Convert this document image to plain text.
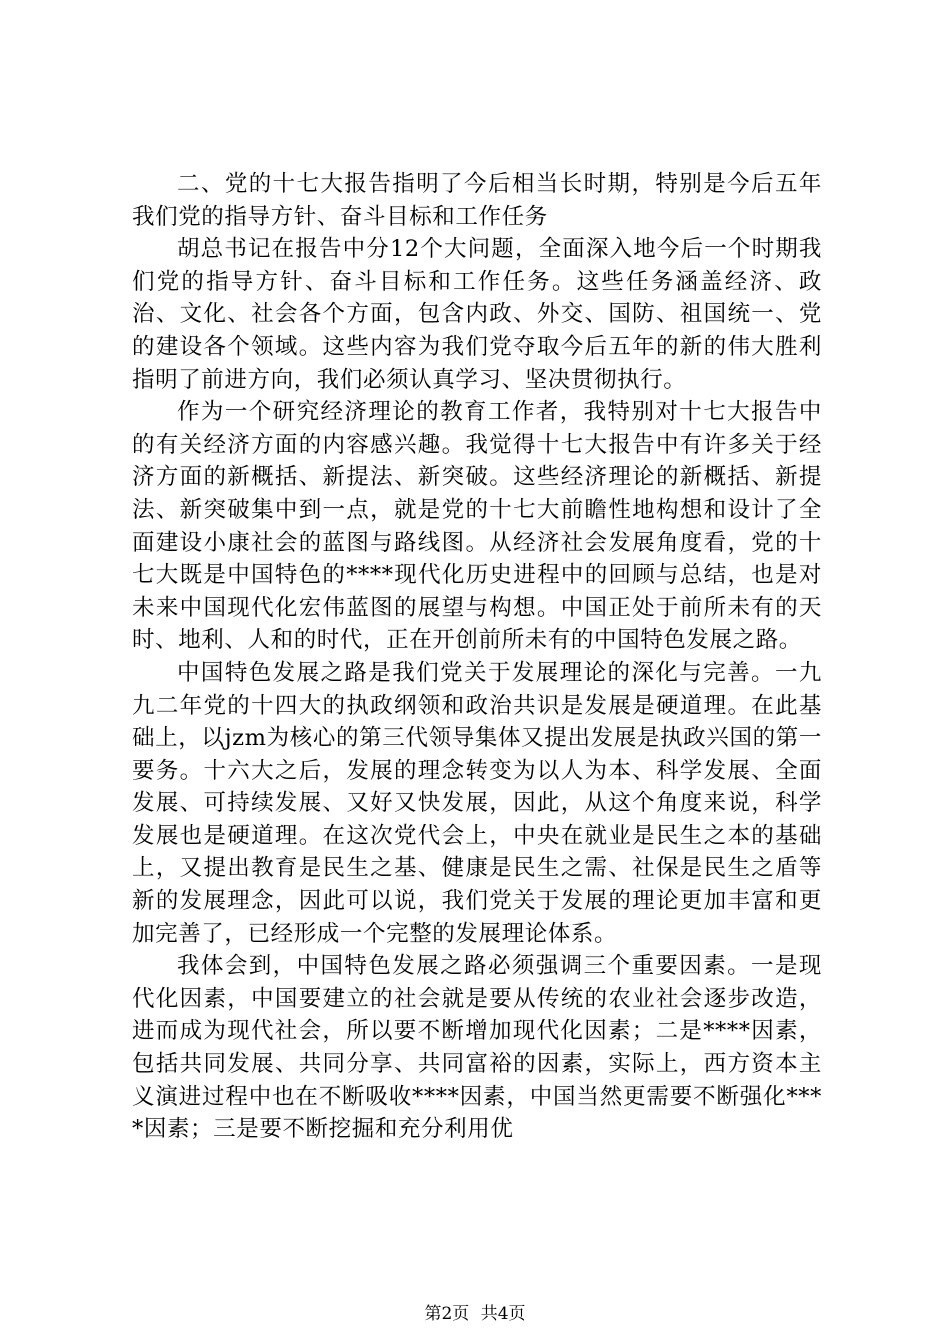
二、党的十七大报告指明了今后相当长时期，特别是今后五年我们党的指导方针、奋斗目标和工作任务

胡总书记在报告中分12个大问题，全面深入地今后一个时期我们党的指导方针、奋斗目标和工作任务。这些任务涵盖经济、政治、文化、社会各个方面，包含内政、外交、国防、祖国统一、党的建设各个领域。这些内容为我们党夺取今后五年的新的伟大胜利指明了前进方向，我们必须认真学习、坚决贯彻执行。

作为一个研究经济理论的教育工作者，我特别对十七大报告中的有关经济方面的内容感兴趣。我觉得十七大报告中有许多关于经济方面的新概括、新提法、新突破。这些经济理论的新概括、新提法、新突破集中到一点，就是党的十七大前瞻性地构想和设计了全面建设小康社会的蓝图与路线图。从经济社会发展角度看，党的十七大既是中国特色的****现代化历史进程中的回顾与总结，也是对未来中国现代化宏伟蓝图的展望与构想。中国正处于前所未有的天时、地利、人和的时代，正在开创前所未有的中国特色发展之路。

中国特色发展之路是我们党关于发展理论的深化与完善。一九九二年党的十四大的执政纲领和政治共识是发展是硬道理。在此基础上，以jzm为核心的第三代领导集体又提出发展是执政兴国的第一要务。十六大之后，发展的理念转变为以人为本、科学发展、全面发展、可持续发展、又好又快发展，因此，从这个角度来说，科学发展也是硬道理。在这次党代会上，中央在就业是民生之本的基础上，又提出教育是民生之基、健康是民生之需、社保是民生之盾等新的发展理念，因此可以说，我们党关于发展的理论更加丰富和更加完善了，已经形成一个完整的发展理论体系。

我体会到，中国特色发展之路必须强调三个重要因素。一是现代化因素，中国要建立的社会就是要从传统的农业社会逐步改造，进而成为现代社会，所以要不断增加现代化因素；二是****因素，包括共同发展、共同分享、共同富裕的因素，实际上，西方资本主义演进过程中也在不断吸收****因素，中国当然更需要不断强化****因素；三是要不断挖掘和充分利用优

第2页 共4页
